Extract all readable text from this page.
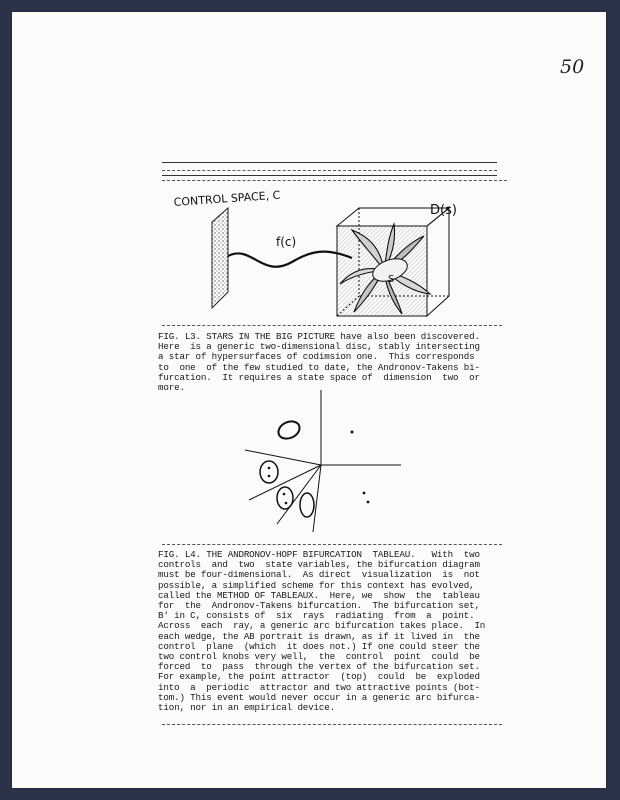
50
CONTROL SPACE, C
f(c)
S
D(s)
FIG. L3. STARS IN THE BIG PICTURE have also been discovered.
Here  is a generic two-dimensional disc, stably intersecting
a star of hypersurfaces of codimsion one.  This corresponds
to  one  of the few studied to date, the Andronov-Takens bi-
furcation.  It requires a state space of  dimension  two  or
more.
FIG. L4. THE ANDRONOV-HOPF BIFURCATION  TABLEAU.   With  two
controls  and  two  state variables, the bifurcation diagram
must be four-dimensional.  As direct  visualization  is  not
possible, a simplified scheme for this context has evolved,
called the METHOD OF TABLEAUX.  Here, we  show  the  tableau
for  the  Andronov-Takens bifurcation.  The bifurcation set,
B' in C, consists of  six  rays  radiating  from  a  point.
Across  each  ray, a generic arc bifurcation takes place.  In
each wedge, the AB portrait is drawn, as if it lived in  the
control  plane  (which  it does not.) If one could steer the
two control knobs very well,  the  control  point  could  be
forced  to  pass  through the vertex of the bifurcation set.
For example, the point attractor  (top)  could  be  exploded
into  a  periodic  attractor and two attractive points (bot-
tom.) This event would never occur in a generic arc bifurca-
tion, nor in an empirical device.
